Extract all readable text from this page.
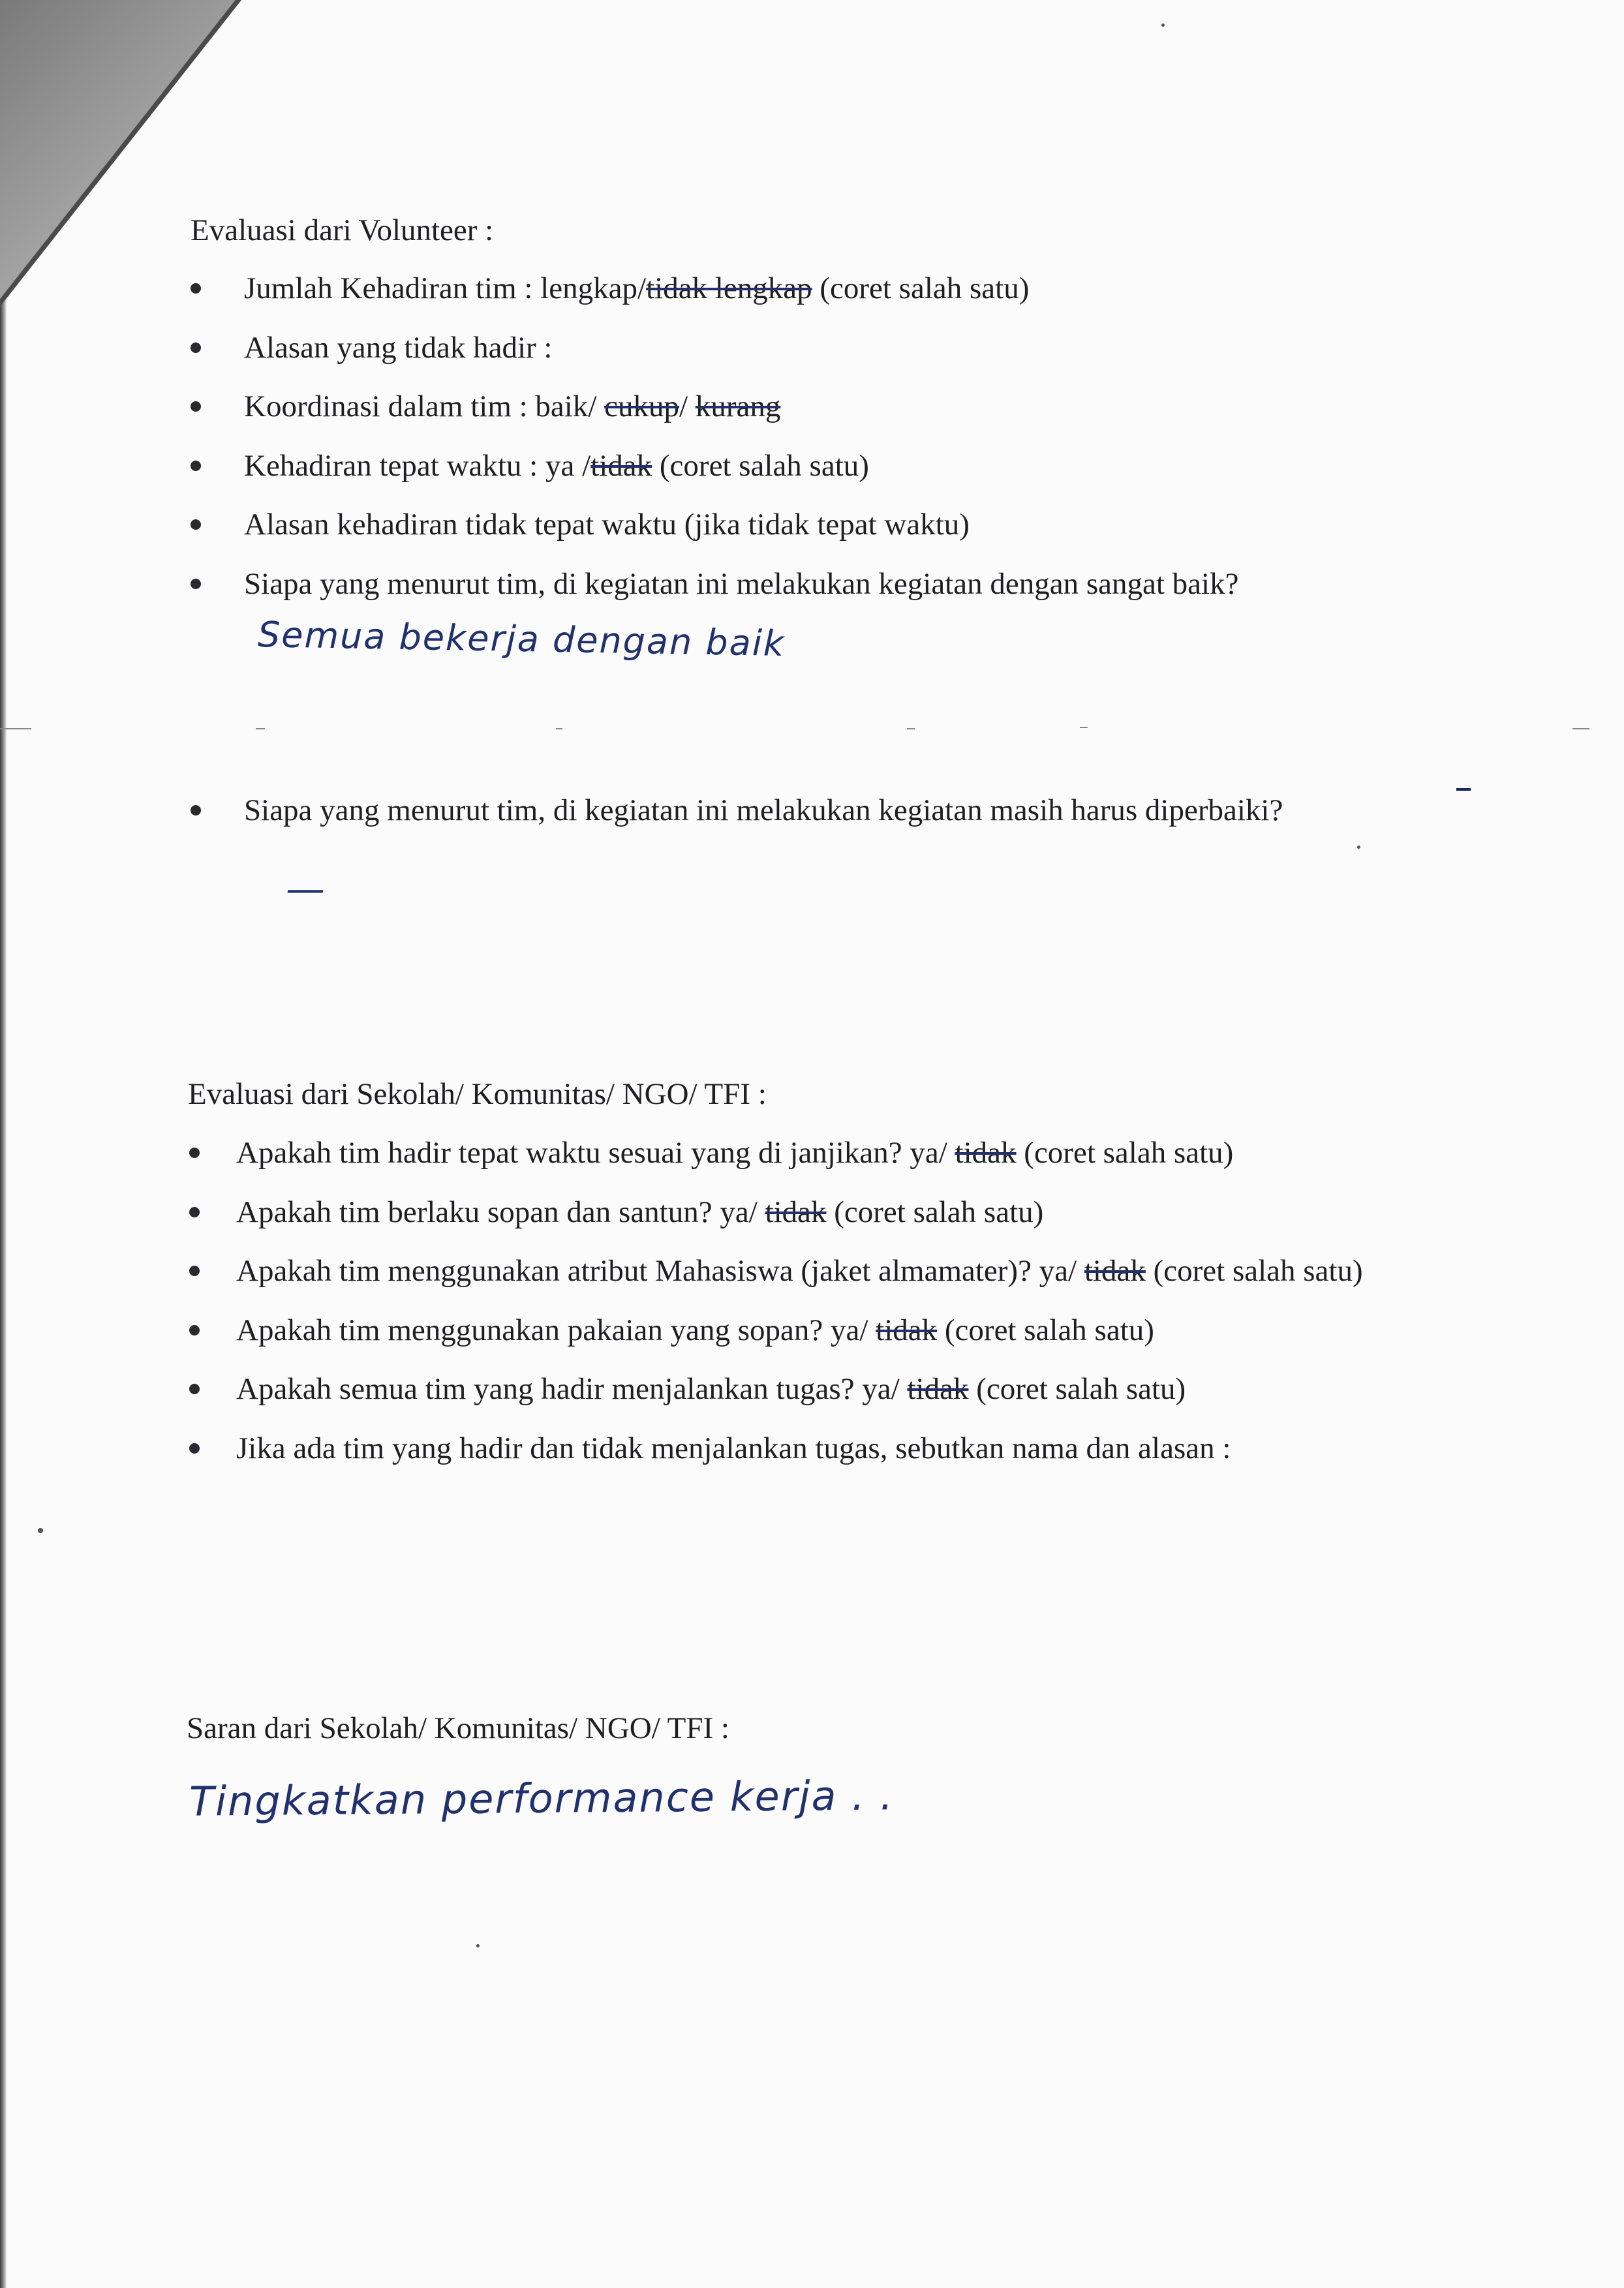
Evaluasi dari Volunteer :
Jumlah Kehadiran tim : lengkap/tidak lengkap (coret salah satu)
Alasan yang tidak hadir :
Koordinasi dalam tim : baik/ cukup/ kurang
Kehadiran tepat waktu : ya /tidak (coret salah satu)
Alasan kehadiran tidak tepat waktu (jika tidak tepat waktu)
Siapa yang menurut tim, di kegiatan ini melakukan kegiatan dengan sangat baik?
Semua bekerja dengan baik
Siapa yang menurut tim, di kegiatan ini melakukan kegiatan masih harus diperbaiki?
—
Evaluasi dari Sekolah/ Komunitas/ NGO/ TFI :
Apakah tim hadir tepat waktu sesuai yang di janjikan? ya/ tidak (coret salah satu)
Apakah tim berlaku sopan dan santun? ya/ tidak (coret salah satu)
Apakah tim menggunakan atribut Mahasiswa (jaket almamater)? ya/ tidak (coret salah satu)
Apakah tim menggunakan pakaian yang sopan? ya/ tidak (coret salah satu)
Apakah semua tim yang hadir menjalankan tugas? ya/ tidak (coret salah satu)
Jika ada tim yang hadir dan tidak menjalankan tugas, sebutkan nama dan alasan :
Saran dari Sekolah/ Komunitas/ NGO/ TFI :
Tingkatkan performance kerja . .
